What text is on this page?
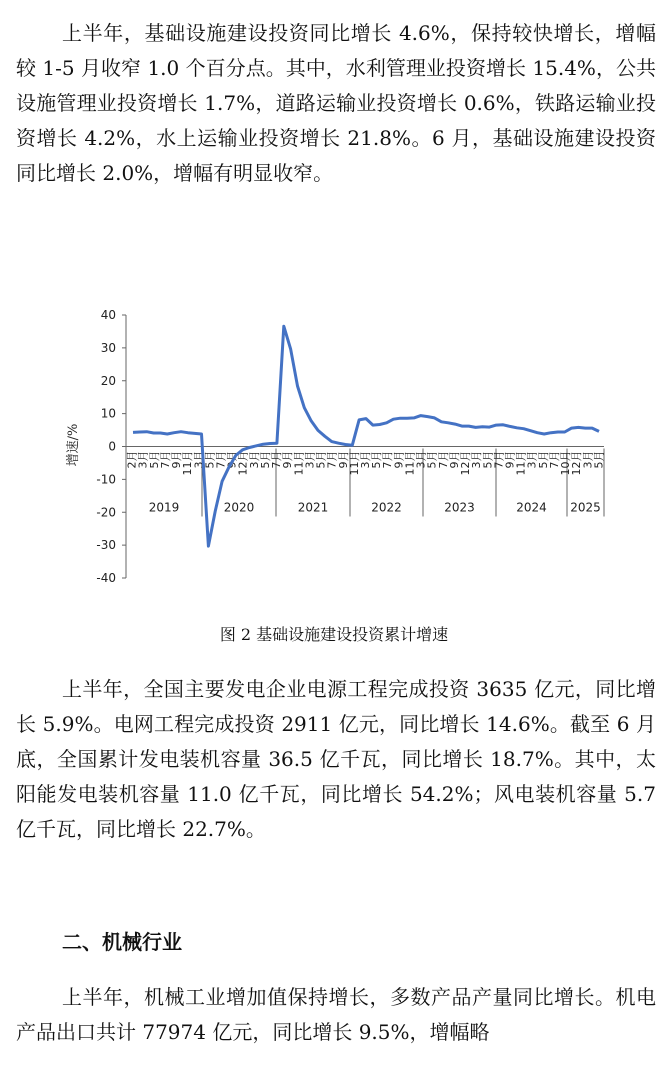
上半年，基础设施建设投资同比增长 4.6%，保持较快增长，增幅较 1-5 月收窄 1.0 个百分点。其中，水利管理业投资增长 15.4%，公共设施管理业投资增长 1.7%，道路运输业投资增长 0.6%，铁路运输业投资增长 4.2%，水上运输业投资增长 21.8%。6 月，基础设施建设投资同比增长 2.0%，增幅有明显收窄。

40
30
20
10
0
-10
-20
-30
-40
2月
3月
5月
7月
9月
11月
3月
5月
7月
9月
12月
3月
5月
7月
9月
11月
3月
5月
7月
9月
11月
3月
5月
7月
9月
11月
3月
5月
7月
9月
12月
3月
5月
7月
9月
11月
3月
5月
7月
10月
12月
3月
5月
2019	2020	2021	2022	2023	2024 2025
增速/%

图 2 基础设施建设投资累计增速

上半年，全国主要发电企业电源工程完成投资 3635 亿元，同比增长 5.9%。电网工程完成投资 2911 亿元，同比增长 14.6%。截至 6 月底，全国累计发电装机容量 36.5 亿千瓦，同比增长 18.7%。其中，太阳能发电装机容量 11.0 亿千瓦，同比增长 54.2%；风电装机容量 5.7 亿千瓦，同比增长 22.7%。

二、机械行业

上半年，机械工业增加值保持增长，多数产品产量同比增长。机电产品出口共计 77974 亿元，同比增长 9.5%，增幅略
